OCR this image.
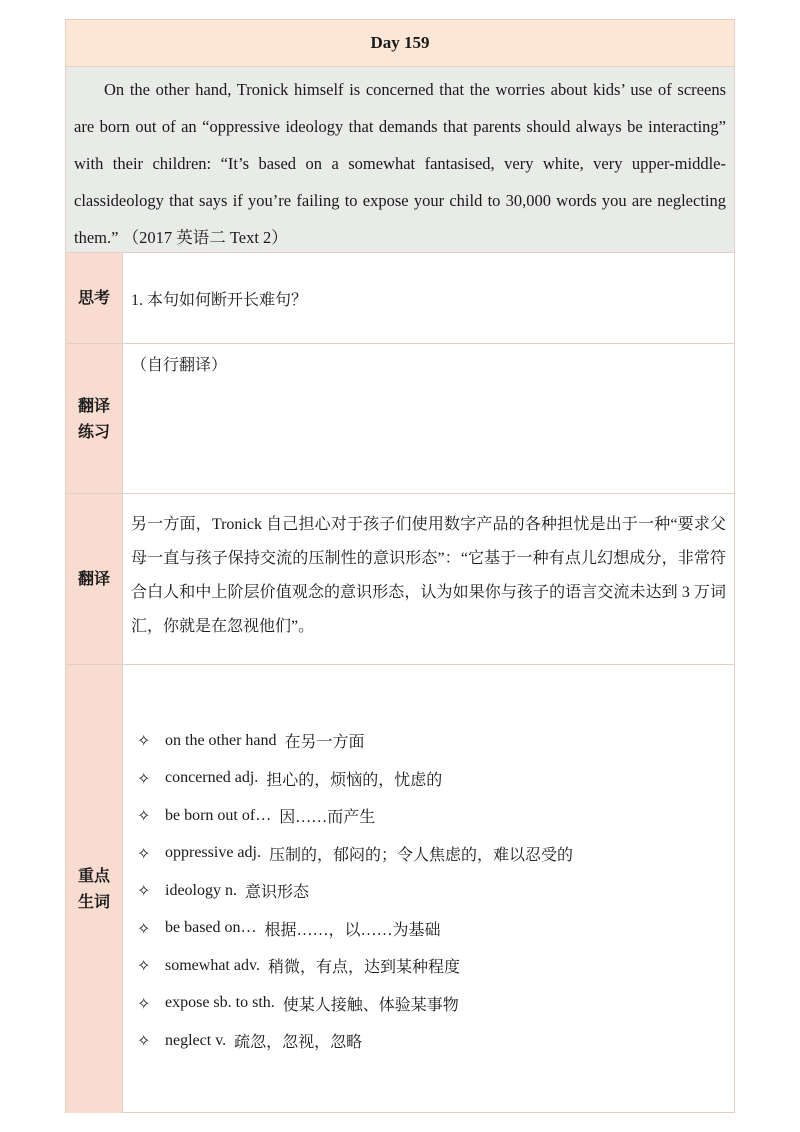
Day 159
On the other hand, Tronick himself is concerned that the worries about kids’ use of screens are born out of an “oppressive ideology that demands that parents should always be interacting” with their children: “It’s based on a somewhat fantasised, very white, very upper-middle-classideology that says if you’re failing to expose your child to 30,000 words you are neglecting them.” （2017 英语二 Text 2）
思考	1. 本句如何断开长难句？
翻译练习
（自行翻译）
翻译
另一方面，Tronick 自己担心对于孩子们使用数字产品的各种担忧是出于一种“要求父母一直与孩子保持交流的压制性的意识形态”：“它基于一种有点儿幻想成分，非常符合白人和中上阶层价值观念的意识形态，认为如果你与孩子的语言交流未达到 3 万词汇，你就是在忽视他们”。
重点生词
✧ on the other hand 在另一方面
✧ concerned adj. 担心的，烦恼的，忧虑的
✧ be born out of… 因……而产生
✧ oppressive adj. 压制的，郁闷的；令人焦虑的，难以忍受的
✧ ideology n. 意识形态
✧ be based on… 根据……，以……为基础
✧ somewhat adv. 稍微，有点，达到某种程度
✧ expose sb. to sth. 使某人接触、体验某事物
✧ neglect v. 疏忽，忽视，忽略
